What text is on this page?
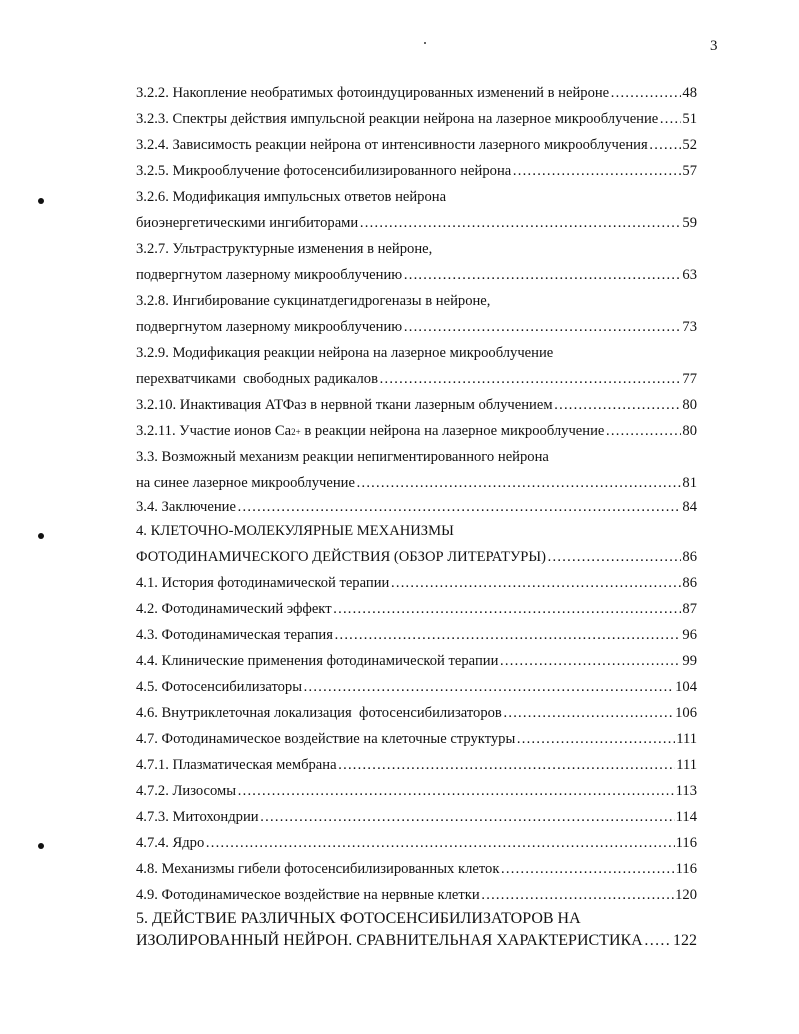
3
3.2.2. Накопление необратимых фотоиндуцированных изменений в нейроне ……………………………………………………………………………………………………………………………………………………	48
3.2.3. Спектры действия импульсной реакции нейрона на лазерное микрооблучение …………………………………………………………………………………………………………………………………………………… 51
3.2.4. Зависимость реакции нейрона от интенсивности лазерного микрооблучения …………………………………………………………………………………………………………………………………………………… 52
3.2.5. Микрооблучение фотосенсибилизированного нейрона ……………………………………………………………………………………………………………………………………………………	57
3.2.6. Модификация импульсных ответов нейрона
биоэнергетическими ингибиторами ……………………………………………………………………………………………………………………………………………………	59
3.2.7. Ультраструктурные изменения в нейроне,
подвергнутом лазерному микрооблучению ……………………………………………………………………………………………………………………………………………………	63
3.2.8. Ингибирование сукцинатдегидрогеназы в нейроне,
подвергнутом лазерному микрооблучению ……………………………………………………………………………………………………………………………………………………	73
3.2.9. Модификация реакции нейрона на лазерное микрооблучение
перехватчиками  свободных радикалов ……………………………………………………………………………………………………………………………………………………	77
3.2.10. Инактивация АТФаз в нервной ткани лазерным облучением ……………………………………………………………………………………………………………………………………………………	80
3.2.11. Участие ионов Ca 2+ в реакции нейрона на лазерное микрооблучение ……………………………………………………………………………………………………………………………………………………	80
3.3. Возможный механизм реакции непигментированного нейрона
на синее лазерное микрооблучение ……………………………………………………………………………………………………………………………………………………	81
3.4. Заключение ……………………………………………………………………………………………………………………………………………………	84
4. КЛЕТОЧНО-МОЛЕКУЛЯРНЫЕ МЕХАНИЗМЫ
ФОТОДИНАМИЧЕСКОГО ДЕЙСТВИЯ (ОБЗОР ЛИТЕРАТУРЫ) ……………………………………………………………………………………………………………………………………………………	86
4.1. История фотодинамической терапии ……………………………………………………………………………………………………………………………………………………	86
4.2. Фотодинамический эффект ……………………………………………………………………………………………………………………………………………………	87
4.3. Фотодинамическая терапия ……………………………………………………………………………………………………………………………………………………	96
4.4. Клинические применения фотодинамической терапии ……………………………………………………………………………………………………………………………………………………	99
4.5. Фотосенсибилизаторы ……………………………………………………………………………………………………………………………………………………	104
4.6. Внутриклеточная локализация  фотосенсибилизаторов ……………………………………………………………………………………………………………………………………………………	106
4.7. Фотодинамическое воздействие на клеточные структуры ……………………………………………………………………………………………………………………………………………………	111
4.7.1. Плазматическая мембрана ……………………………………………………………………………………………………………………………………………………	111
4.7.2. Лизосомы ……………………………………………………………………………………………………………………………………………………	113
4.7.3. Митохондрии ……………………………………………………………………………………………………………………………………………………	114
4.7.4. Ядро ……………………………………………………………………………………………………………………………………………………	116
4.8. Механизмы гибели фотосенсибилизированных клеток ……………………………………………………………………………………………………………………………………………………	116
4.9. Фотодинамическое воздействие на нервные клетки ……………………………………………………………………………………………………………………………………………………	120
5. ДЕЙСТВИЕ РАЗЛИЧНЫХ ФОТОСЕНСИБИЛИЗАТОРОВ НА
ИЗОЛИРОВАННЫЙ НЕЙРОН. СРАВНИТЕЛЬНАЯ ХАРАКТЕРИСТИКА …………………………………………………………………………………………………………………………………………………… 122
